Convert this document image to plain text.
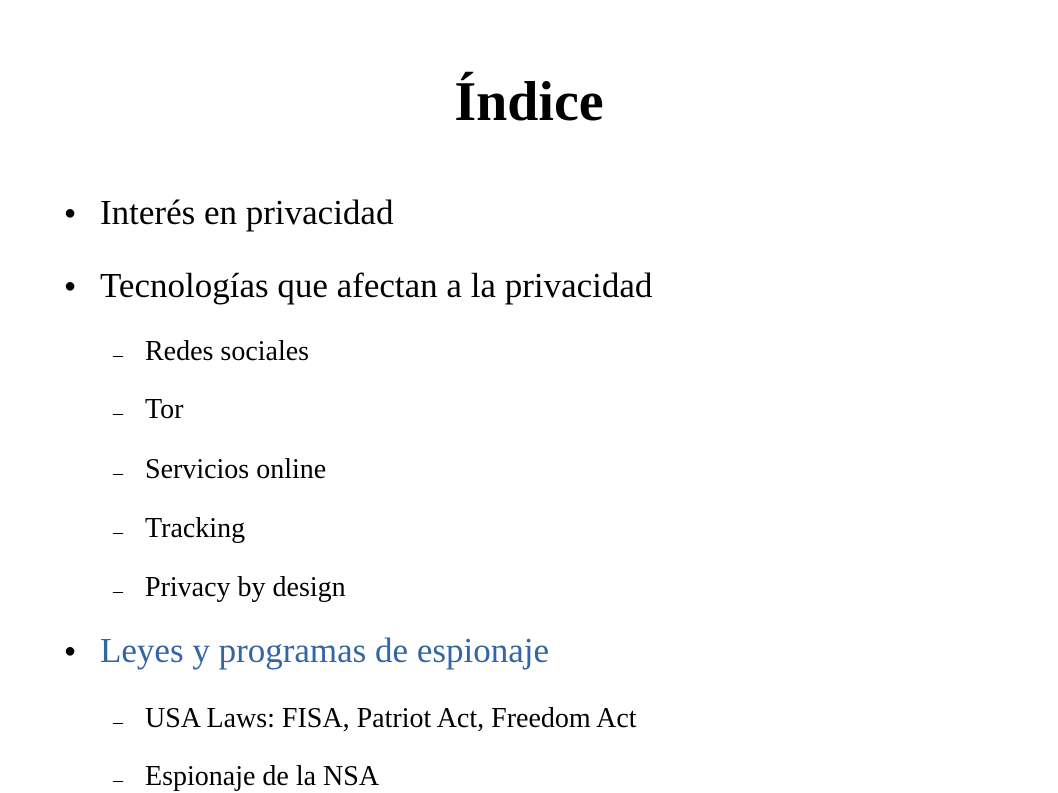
Índice
● Interés en privacidad
● Tecnologías que afectan a la privacidad
– Redes sociales
– Tor
– Servicios online
– Tracking
– Privacy by design
● Leyes y programas de espionaje
– USA Laws: FISA, Patriot Act, Freedom Act
– Espionaje de la NSA
